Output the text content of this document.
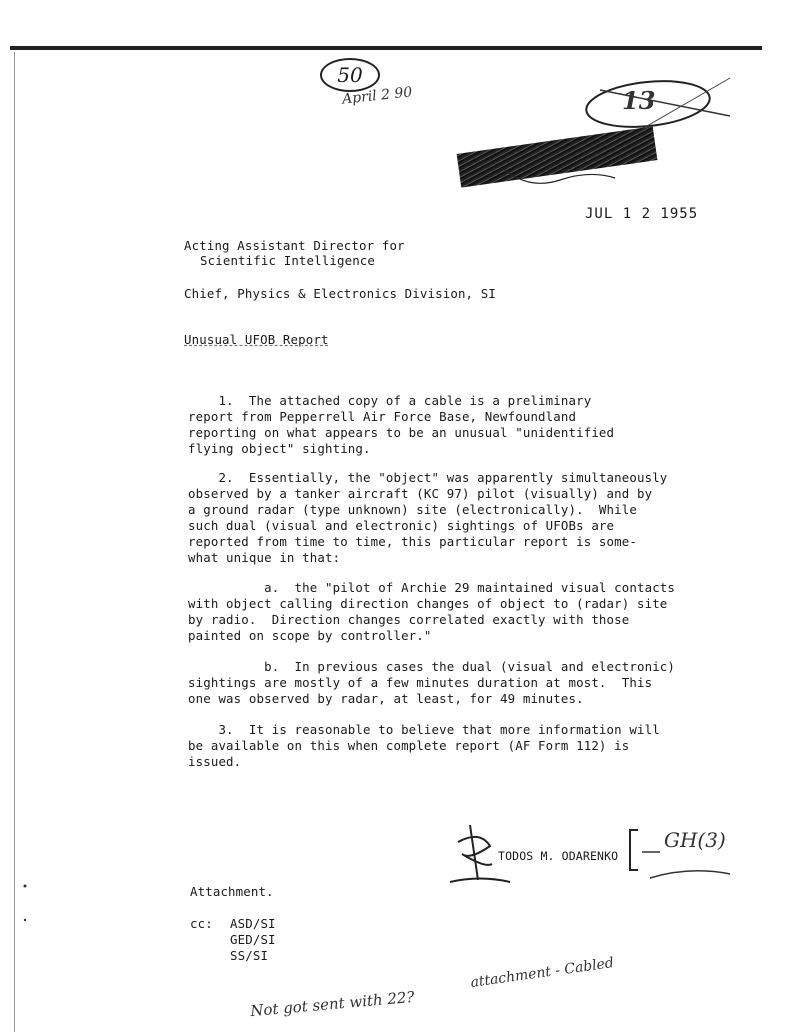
50
April 2 90	13
JUL 1 2 1955
Acting Assistant Director for
Scientific Intelligence
Chief, Physics & Electronics Division, SI
Unusual UFOB Report
1.  The attached copy of a cable is a preliminary
report from Pepperrell Air Force Base, Newfoundland
reporting on what appears to be an unusual "unidentified
flying object" sighting.
2.  Essentially, the "object" was apparently simultaneously
observed by a tanker aircraft (KC 97) pilot (visually) and by
a ground radar (type unknown) site (electronically).  While
such dual (visual and electronic) sightings of UFOBs are
reported from time to time, this particular report is some-
what unique in that:
a.  the "pilot of Archie 29 maintained visual contacts
with object calling direction changes of object to (radar) site
by radio.  Direction changes correlated exactly with those
painted on scope by controller."
b.  In previous cases the dual (visual and electronic)
sightings are mostly of a few minutes duration at most.  This
one was observed by radar, at least, for 49 minutes.
3.  It is reasonable to believe that more information will
be available on this when complete report (AF Form 112) is
issued.
TODOS M. ODARENKO
GH(3)
Attachment.
cc: ASD/SI
GED/SI
SS/SI	attachment - Cabled
Not got sent with 22?
